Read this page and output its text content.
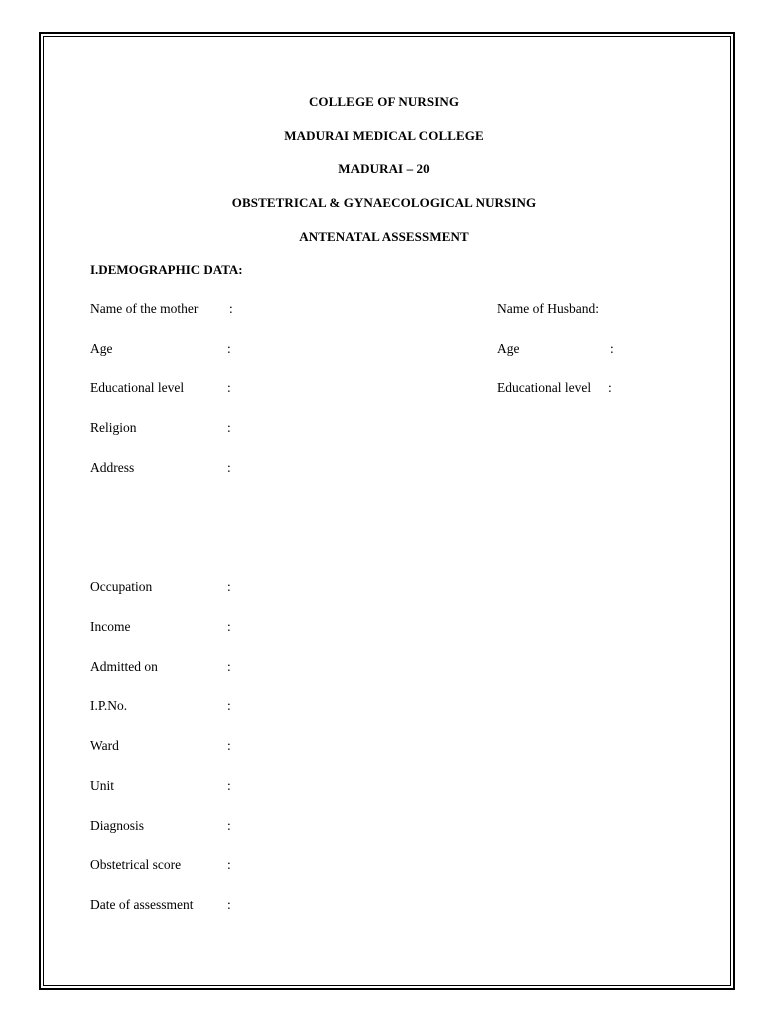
COLLEGE OF NURSING
MADURAI MEDICAL COLLEGE
MADURAI – 20
OBSTETRICAL & GYNAECOLOGICAL NURSING
ANTENATAL ASSESSMENT
I.DEMOGRAPHIC DATA:
Name of the mother :
Age	:
Educational level	:
Religion	:
Address	:
Occupation	:
Income	:
Admitted on	:
I.P.No.	:
Ward	:
Unit	:
Diagnosis	:
Obstetrical score	:
Date of assessment :
Name of Husband:
Age	:
Educational level :
